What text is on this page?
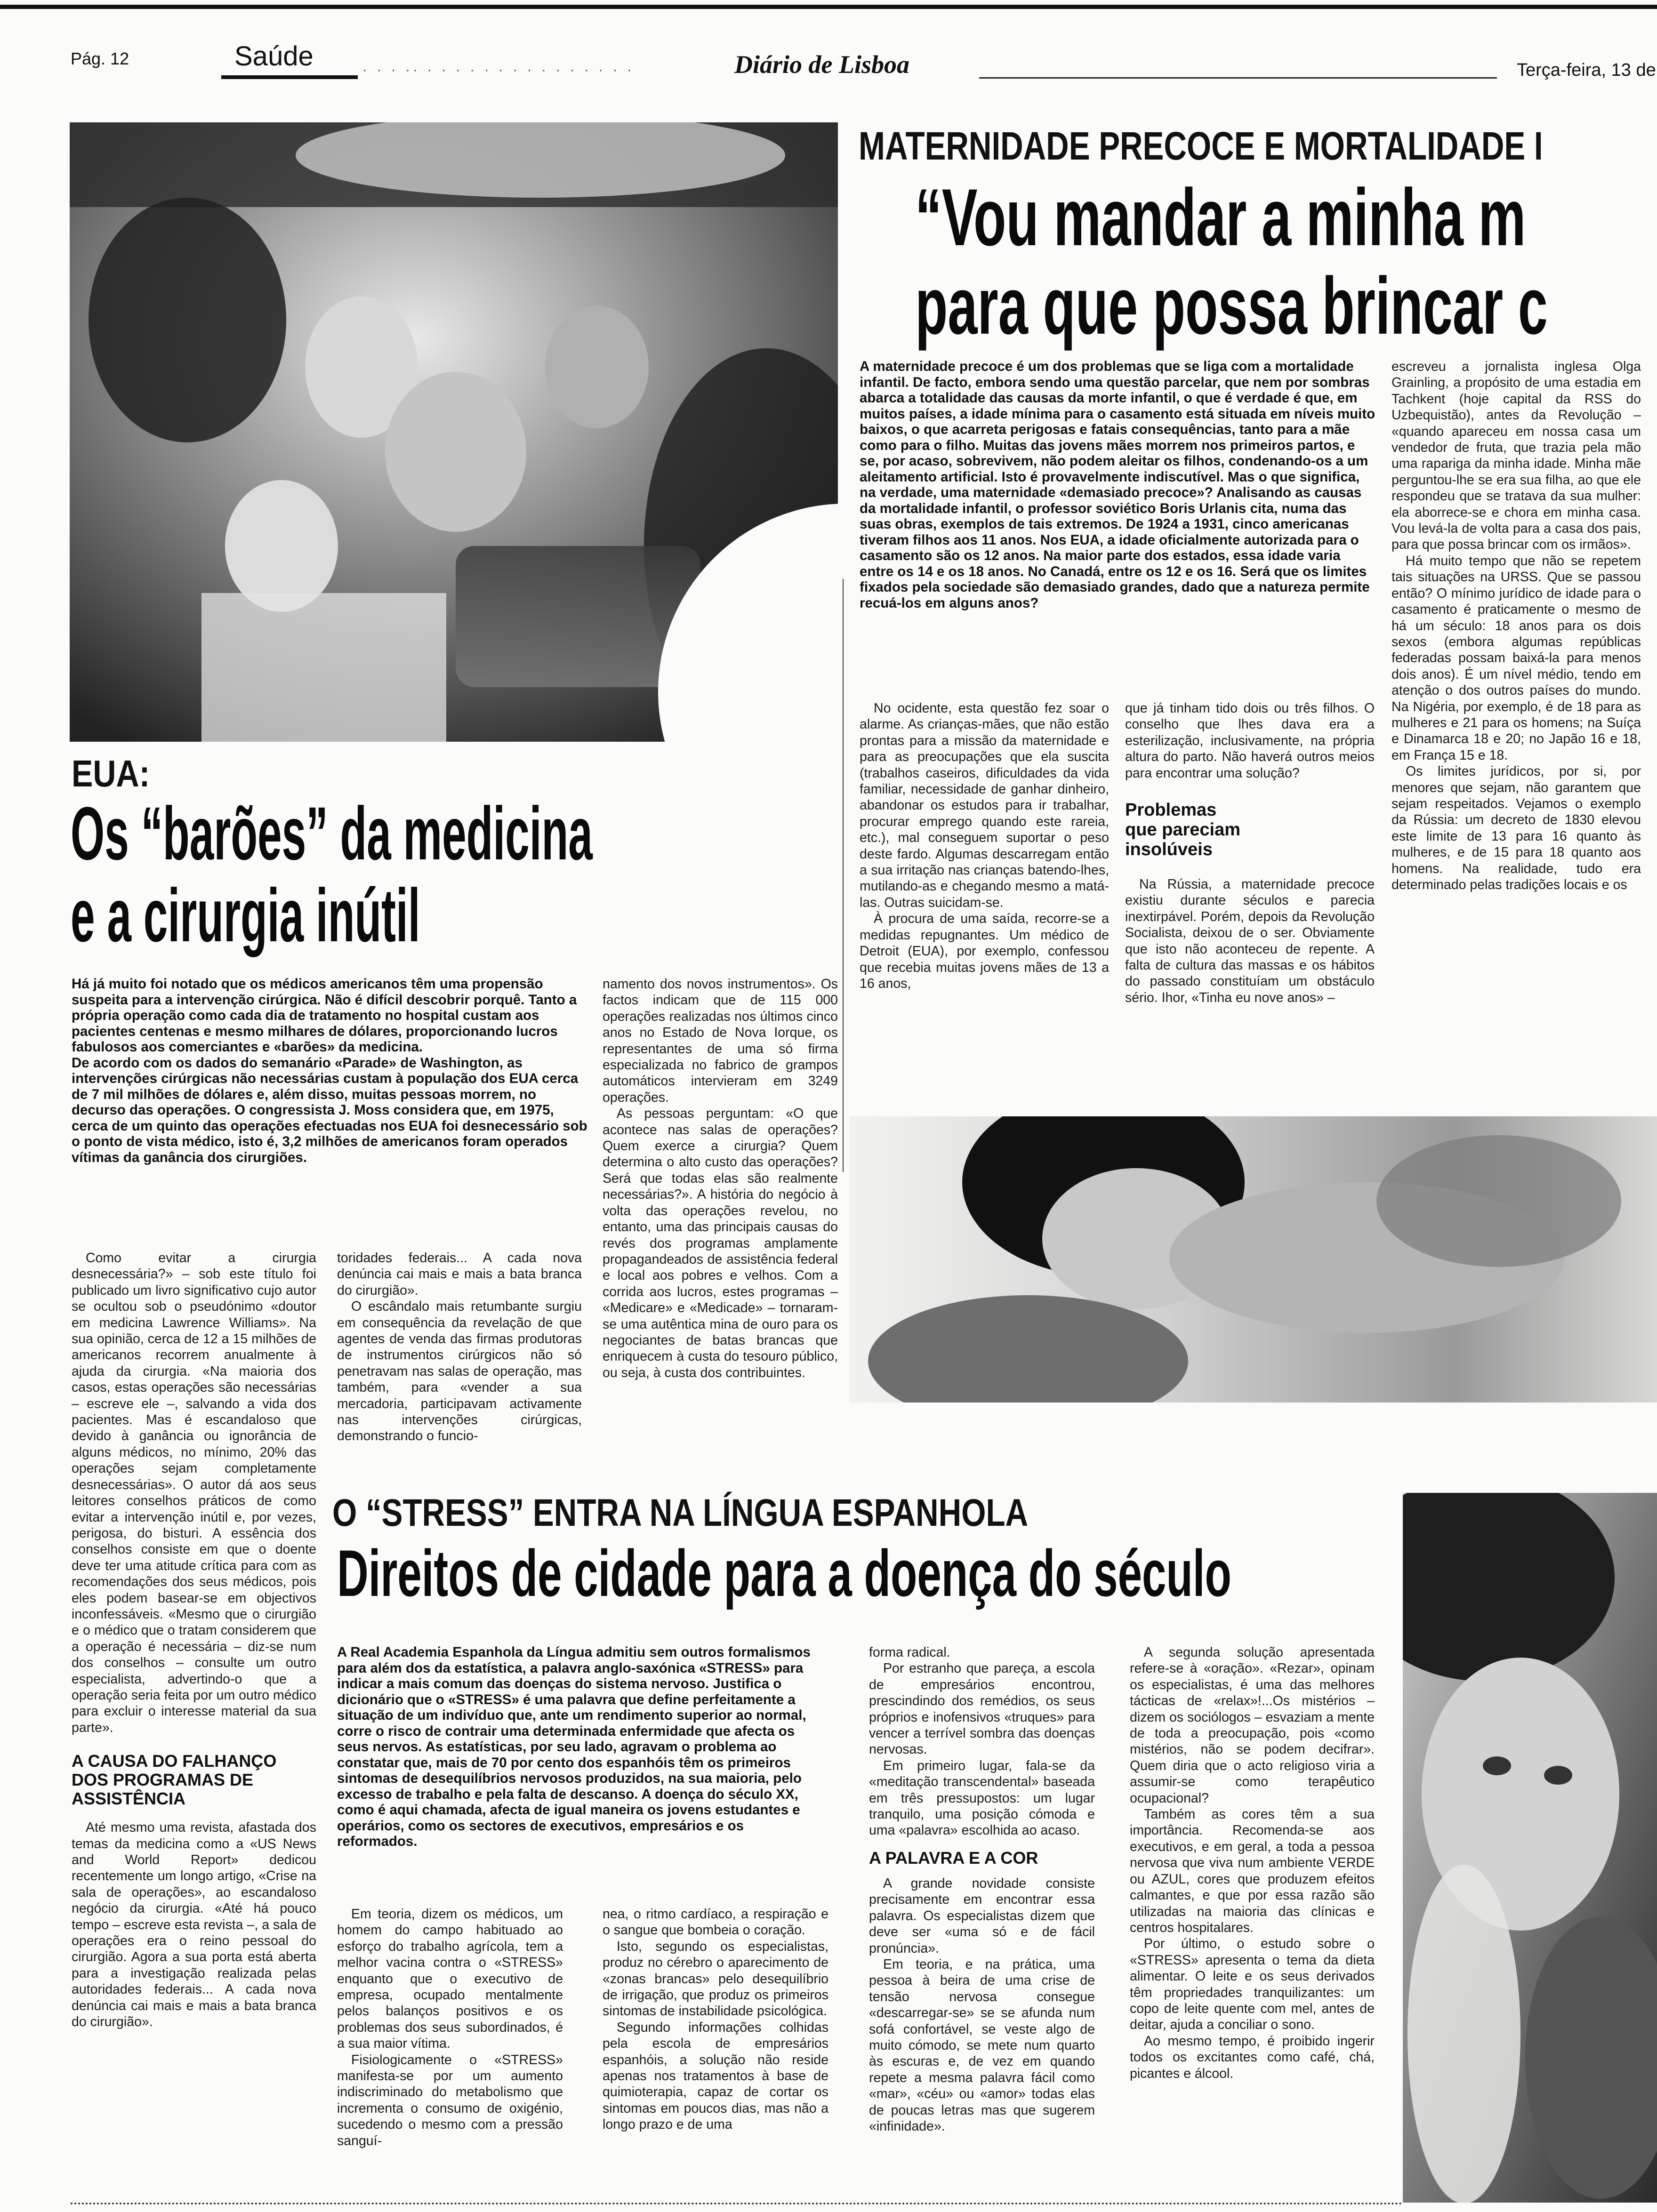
Pág. 12	Saúde	· · · ·· · · · · · · · · · · · · · · ·	Diário de Lisboa	Terça-feira, 13 de
EUA:
Os “barões” da medicina
e a cirurgia inútil

Há já muito foi notado que os médicos americanos têm uma propensão suspeita para a intervenção cirúrgica. Não é difícil descobrir porquê. Tanto a própria operação como cada dia de tratamento no hospital custam aos pacientes centenas e mesmo milhares de dólares, proporcionando lucros fabulosos aos comerciantes e «barões» da medicina.

De acordo com os dados do semanário «Parade» de Washington, as intervenções cirúrgicas não necessárias custam à população dos EUA cerca de 7 mil milhões de dólares e, além disso, muitas pessoas morrem, no decurso das operações. O congressista J. Moss considera que, em 1975, cerca de um quinto das operações efectuadas nos EUA foi desnecessário sob o ponto de vista médico, isto é, 3,2 milhões de americanos foram operados vítimas da ganância dos cirurgiões.

Como evitar a cirurgia desnecessária?» – sob este título foi publicado um livro significativo cujo autor se ocultou sob o pseudónimo «doutor em medicina Lawrence Williams». Na sua opinião, cerca de 12 a 15 milhões de americanos recorrem anualmente à ajuda da cirurgia. «Na maioria dos casos, estas operações são necessárias – escreve ele –, salvando a vida dos pacientes. Mas é escandaloso que devido à ganância ou ignorância de alguns médicos, no mínimo, 20% das operações sejam completamente desnecessárias». O autor dá aos seus leitores conselhos práticos de como evitar a intervenção inútil e, por vezes, perigosa, do bisturi. A essência dos conselhos consiste em que o doente deve ter uma atitude crítica para com as recomendações dos seus médicos, pois eles podem basear-se em objectivos inconfessáveis. «Mesmo que o cirurgião e o médico que o tratam considerem que a operação é necessária – diz-se num dos conselhos – consulte um outro especialista, advertindo-o que a operação seria feita por um outro médico para excluir o interesse material da sua parte».

A CAUSA DO FALHANÇO DOS PROGRAMAS DE ASSISTÊNCIA

Até mesmo uma revista, afastada dos temas da medicina como a «US News and World Report» dedicou recentemente um longo artigo, «Crise na sala de operações», ao escandaloso negócio da cirurgia. «Até há pouco tempo – escreve esta revista –, a sala de operações era o reino pessoal do cirurgião. Agora a sua porta está aberta para a investigação realizada pelas autoridades federais... A cada nova denúncia cai mais e mais a bata branca do cirurgião».

toridades federais... A cada nova denúncia cai mais e mais a bata branca do cirurgião».

O escândalo mais retumbante surgiu em consequência da revelação de que agentes de venda das firmas produtoras de instrumentos cirúrgicos não só penetravam nas salas de operação, mas também, para «vender a sua mercadoria, participavam activamente nas intervenções cirúrgicas, demonstrando o funcio-

namento dos novos instrumentos». Os factos indicam que de 115 000 operações realizadas nos últimos cinco anos no Estado de Nova Iorque, os representantes de uma só firma especializada no fabrico de grampos automáticos intervieram em 3249 operações.

As pessoas perguntam: «O que acontece nas salas de operações? Quem exerce a cirurgia? Quem determina o alto custo das operações? Será que todas elas são realmente necessárias?». A história do negócio à volta das operações revelou, no entanto, uma das principais causas do revés dos programas amplamente propagandeados de assistência federal e local aos pobres e velhos. Com a corrida aos lucros, estes programas – «Medicare» e «Medicade» – tornaram-se uma autêntica mina de ouro para os negociantes de batas brancas que enriquecem à custa do tesouro público, ou seja, à custa dos contribuintes.

MATERNIDADE PRECOCE E MORTALIDADE I
“Vou mandar a minha m
para que possa brincar c

A maternidade precoce é um dos problemas que se liga com a mortalidade infantil. De facto, embora sendo uma questão parcelar, que nem por sombras abarca a totalidade das causas da morte infantil, o que é verdade é que, em muitos países, a idade mínima para o casamento está situada em níveis muito baixos, o que acarreta perigosas e fatais consequências, tanto para a mãe como para o filho. Muitas das jovens mães morrem nos primeiros partos, e se, por acaso, sobrevivem, não podem aleitar os filhos, condenando-os a um aleitamento artificial. Isto é provavelmente indiscutível. Mas o que significa, na verdade, uma maternidade «demasiado precoce»? Analisando as causas da mortalidade infantil, o professor soviético Boris Urlanis cita, numa das suas obras, exemplos de tais extremos. De 1924 a 1931, cinco americanas tiveram filhos aos 11 anos. Nos EUA, a idade oficialmente autorizada para o casamento são os 12 anos. Na maior parte dos estados, essa idade varia entre os 14 e os 18 anos. No Canadá, entre os 12 e os 16. Será que os limites fixados pela sociedade são demasiado grandes, dado que a natureza permite recuá-los em alguns anos?

No ocidente, esta questão fez soar o alarme. As crianças-mães, que não estão prontas para a missão da maternidade e para as preocupações que ela suscita (trabalhos caseiros, dificuldades da vida familiar, necessidade de ganhar dinheiro, abandonar os estudos para ir trabalhar, procurar emprego quando este rareia, etc.), mal conseguem suportar o peso deste fardo. Algumas descarregam então a sua irritação nas crianças batendo-lhes, mutilando-as e chegando mesmo a matá-las. Outras suicidam-se.

À procura de uma saída, recorre-se a medidas repugnantes. Um médico de Detroit (EUA), por exemplo, confessou que recebia muitas jovens mães de 13 a 16 anos,

que já tinham tido dois ou três filhos. O conselho que lhes dava era a esterilização, inclusivamente, na própria altura do parto. Não haverá outros meios para encontrar uma solução?

Problemas que pareciam insolúveis

Na Rússia, a maternidade precoce existiu durante séculos e parecia inextirpável. Porém, depois da Revolução Socialista, deixou de o ser. Obviamente que isto não aconteceu de repente. A falta de cultura das massas e os hábitos do passado constituíam um obstáculo sério. Ihor, «Tinha eu nove anos» –

escreveu a jornalista inglesa Olga Grainling, a propósito de uma estadia em Tachkent (hoje capital da RSS do Uzbequistão), antes da Revolução – «quando apareceu em nossa casa um vendedor de fruta, que trazia pela mão uma rapariga da minha idade. Minha mãe perguntou-lhe se era sua filha, ao que ele respondeu que se tratava da sua mulher: ela aborrece-se e chora em minha casa. Vou levá-la de volta para a casa dos pais, para que possa brincar com os irmãos».

Há muito tempo que não se repetem tais situações na URSS. Que se passou então? O mínimo jurídico de idade para o casamento é praticamente o mesmo de há um século: 18 anos para os dois sexos (embora algumas repúblicas federadas possam baixá-la para menos dois anos). É um nível médio, tendo em atenção o dos outros países do mundo. Na Nigéria, por exemplo, é de 18 para as mulheres e 21 para os homens; na Suíça e Dinamarca 18 e 20; no Japão 16 e 18, em França 15 e 18.

Os limites jurídicos, por si, por menores que sejam, não garantem que sejam respeitados. Vejamos o exemplo da Rússia: um decreto de 1830 elevou este limite de 13 para 16 quanto às mulheres, e de 15 para 18 quanto aos homens. Na realidade, tudo era determinado pelas tradições locais e os

O “STRESS” ENTRA NA LÍNGUA ESPANHOLA
Direitos de cidade para a doença do século

A Real Academia Espanhola da Língua admitiu sem outros formalismos para além dos da estatística, a palavra anglo-saxónica «STRESS» para indicar a mais comum das doenças do sistema nervoso. Justifica o dicionário que o «STRESS» é uma palavra que define perfeitamente a situação de um indivíduo que, ante um rendimento superior ao normal, corre o risco de contrair uma determinada enfermidade que afecta os seus nervos. As estatísticas, por seu lado, agravam o problema ao constatar que, mais de 70 por cento dos espanhóis têm os primeiros sintomas de desequilíbrios nervosos produzidos, na sua maioria, pelo excesso de trabalho e pela falta de descanso. A doença do século XX, como é aqui chamada, afecta de igual maneira os jovens estudantes e operários, como os sectores de executivos, empresários e os reformados.

Em teoria, dizem os médicos, um homem do campo habituado ao esforço do trabalho agrícola, tem a melhor vacina contra o «STRESS» enquanto que o executivo de empresa, ocupado mentalmente pelos balanços positivos e os problemas dos seus subordinados, é a sua maior vítima.

Fisiologicamente o «STRESS» manifesta-se por um aumento indiscriminado do metabolismo que incrementa o consumo de oxigénio, sucedendo o mesmo com a pressão sanguí-

nea, o ritmo cardíaco, a respiração e o sangue que bombeia o coração.

Isto, segundo os especialistas, produz no cérebro o aparecimento de «zonas brancas» pelo desequilíbrio de irrigação, que produz os primeiros sintomas de instabilidade psicológica.

Segundo informações colhidas pela escola de empresários espanhóis, a solução não reside apenas nos tratamentos à base de quimioterapia, capaz de cortar os sintomas em poucos dias, mas não a longo prazo e de uma

forma radical.

Por estranho que pareça, a escola de empresários encontrou, prescindindo dos remédios, os seus próprios e inofensivos «truques» para vencer a terrível sombra das doenças nervosas.

Em primeiro lugar, fala-se da «meditação transcendental» baseada em três pressupostos: um lugar tranquilo, uma posição cómoda e uma «palavra» escolhida ao acaso.

A PALAVRA E A COR

A grande novidade consiste precisamente em encontrar essa palavra. Os especialistas dizem que deve ser «uma só e de fácil pronúncia».

Em teoria, e na prática, uma pessoa à beira de uma crise de tensão nervosa consegue «descarregar-se» se se afunda num sofá confortável, se veste algo de muito cómodo, se mete num quarto às escuras e, de vez em quando repete a mesma palavra fácil como «mar», «céu» ou «amor» todas elas de poucas letras mas que sugerem «infinidade».

A segunda solução apresentada refere-se à «oração». «Rezar», opinam os especialistas, é uma das melhores tácticas de «relax»!...Os mistérios – dizem os sociólogos – esvaziam a mente de toda a preocupação, pois «como mistérios, não se podem decifrar». Quem diria que o acto religioso viria a assumir-se como terapêutico ocupacional?

Também as cores têm a sua importância. Recomenda-se aos executivos, e em geral, a toda a pessoa nervosa que viva num ambiente VERDE ou AZUL, cores que produzem efeitos calmantes, e que por essa razão são utilizadas na maioria das clínicas e centros hospitalares.

Por último, o estudo sobre o «STRESS» apresenta o tema da dieta alimentar. O leite e os seus derivados têm propriedades tranquilizantes: um copo de leite quente com mel, antes de deitar, ajuda a conciliar o sono.

Ao mesmo tempo, é proibido ingerir todos os excitantes como café, chá, picantes e álcool.
